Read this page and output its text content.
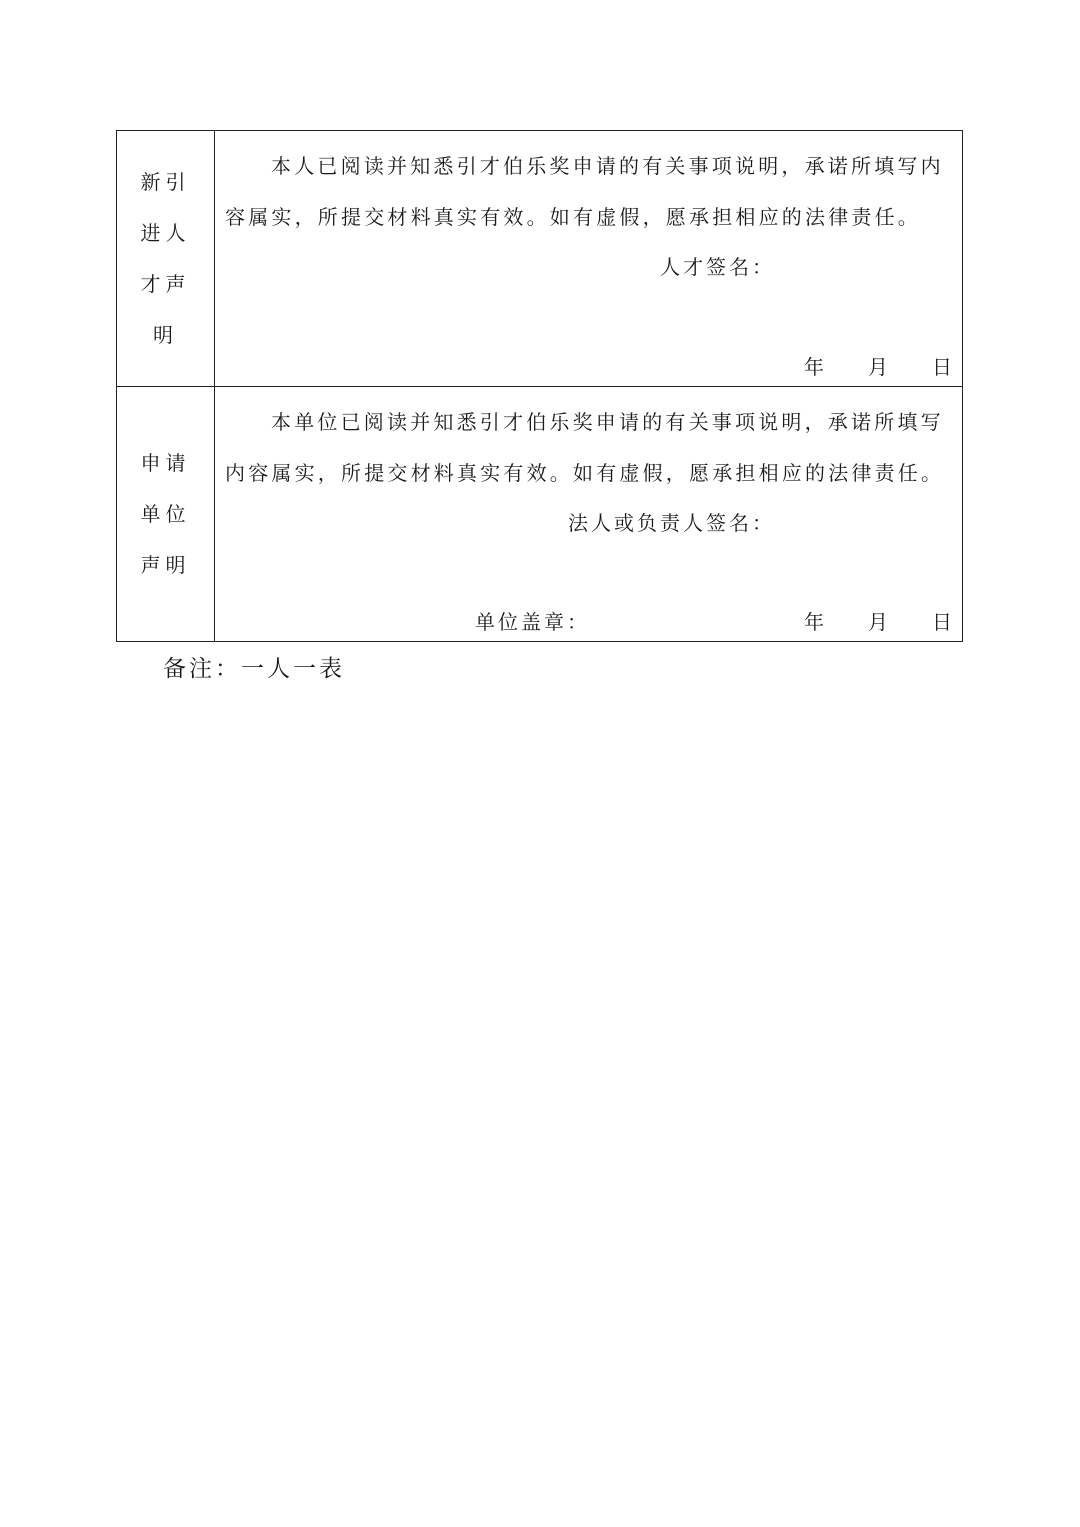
新引进人才声明

本人已阅读并知悉引才伯乐奖申请的有关事项说明，承诺所填写内容属实，所提交材料真实有效。如有虚假，愿承担相应的法律责任。

人才签名：
年 月 日
申请单位声明

本单位已阅读并知悉引才伯乐奖申请的有关事项说明，承诺所填写内容属实，所提交材料真实有效。如有虚假，愿承担相应的法律责任。

法人或负责人签名：
单位盖章：	年 月 日
备注：一人一表
